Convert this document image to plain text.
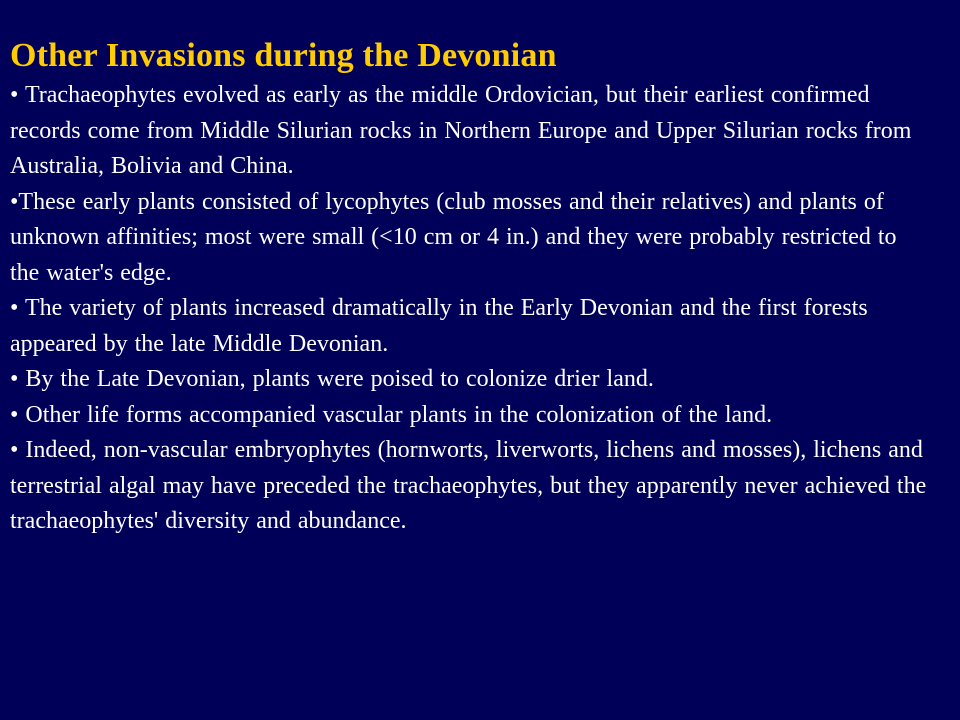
Other Invasions during the Devonian

• Trachaeophytes evolved as early as the middle Ordovician, but their earliest confirmed records come from Middle Silurian rocks in Northern Europe and Upper Silurian rocks from Australia, Bolivia and China.

•These early plants consisted of lycophytes (club mosses and their relatives) and plants of unknown affinities; most were small (<10 cm or 4 in.) and they were probably restricted to the water's edge.

• The variety of plants increased dramatically in the Early Devonian and the first forests appeared by the late Middle Devonian.

• By the Late Devonian, plants were poised to colonize drier land.

• Other life forms accompanied vascular plants in the colonization of the land.

• Indeed, non-vascular embryophytes (hornworts, liverworts, lichens and mosses), lichens and terrestrial algal may have preceded the trachaeophytes, but they apparently never achieved the trachaeophytes' diversity and abundance.
